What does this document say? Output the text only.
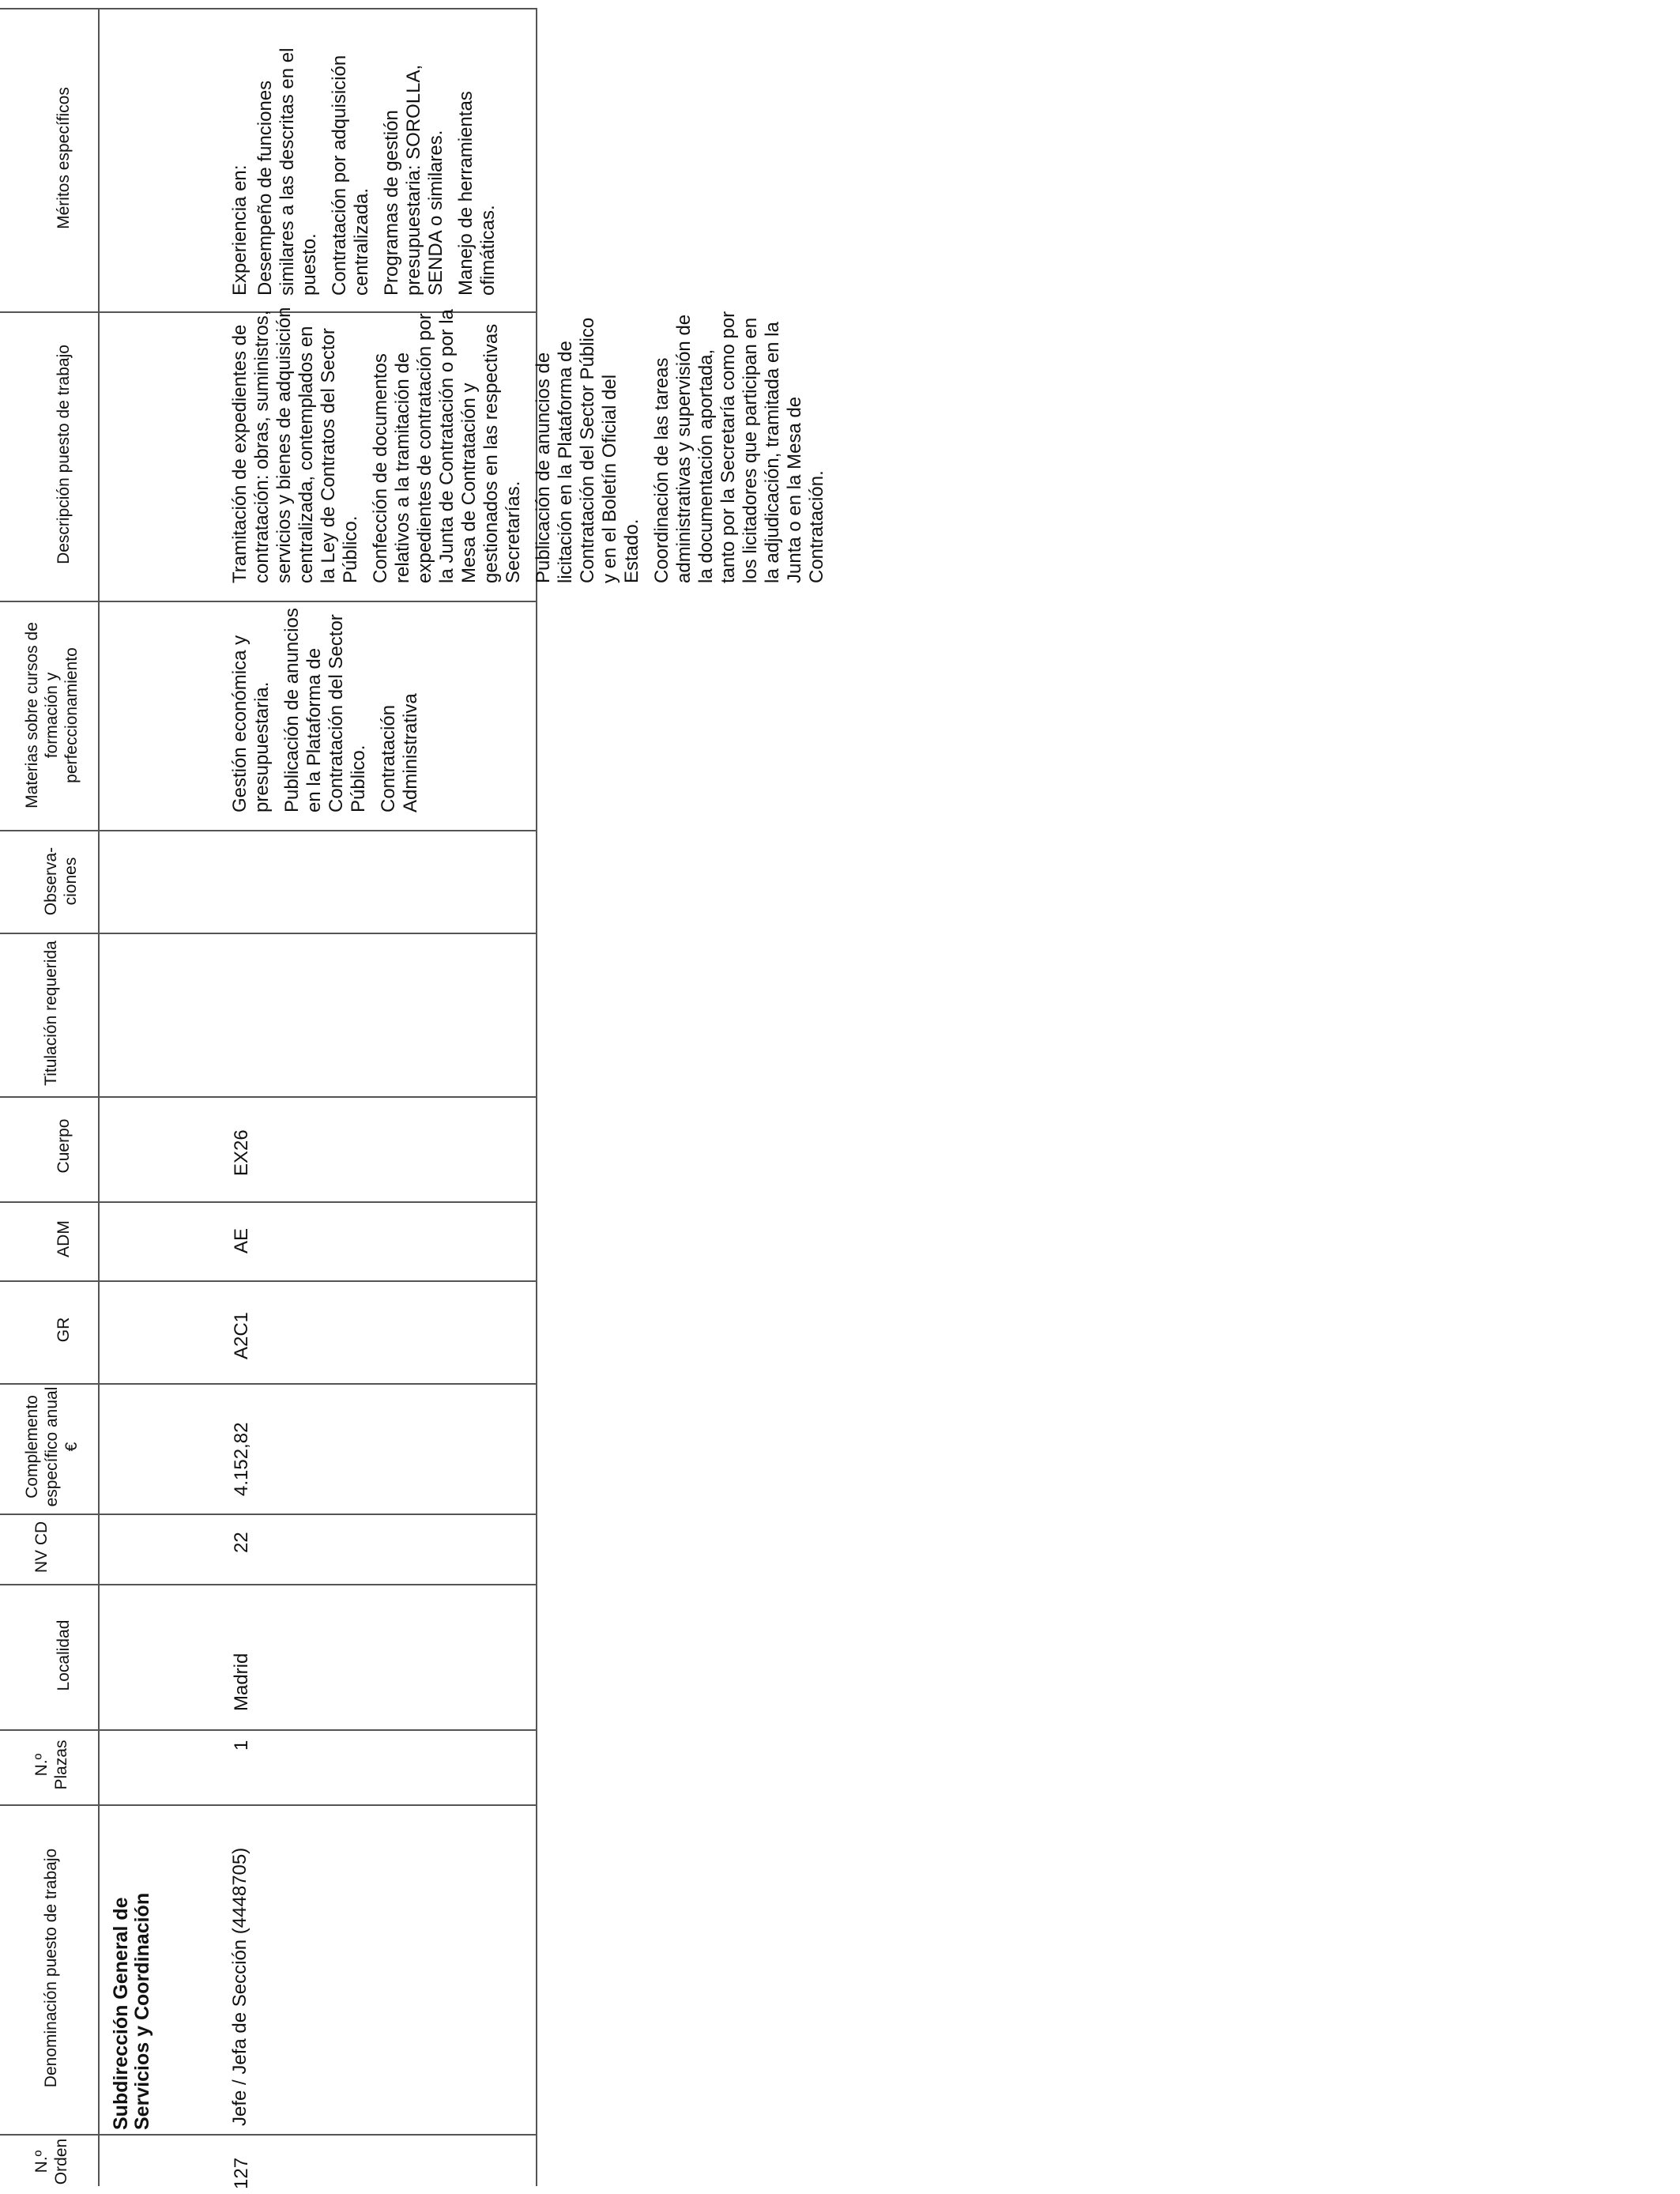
N.º Orden
Denominación puesto de trabajo
N.º Plazas
Localidad
NV CD
Complemento específico anual €
GR
ADM
Cuerpo
Titulación requerida
Observa- ciones
Materias sobre cursos de formación y perfeccionamiento
Descripción puesto de trabajo
Méritos específicos
Subdirección General de Servicios y Coordinación
127
Jefe / Jefa de Sección (4448705)
1
Madrid
22
4.152,82
A2C1
AE
EX26

Gestión económica y presupuestaria. Publicación de anuncios en la Plataforma de Contratación del Sector Público. Contratación Administrativa

Tramitación de expedientes de contratación: obras, suministros, servicios y bienes de adquisición centralizada, contemplados en la Ley de Contratos del Sector Público. Confección de documentos relativos a la tramitación de expedientes de contratación por la Junta de Contratación o por la Mesa de Contratación y gestionados en las respectivas Secretarías. Publicación de anuncios de licitación en la Plataforma de Contratación del Sector Público y en el Boletín Oficial del Estado. Coordinación de las tareas administrativas y supervisión de la documentación aportada, tanto por la Secretaría como por los licitadores que participan en la adjudicación, tramitada en la Junta o en la Mesa de Contratación.

Experiencia en: Desempeño de funciones similares a las descritas en el puesto. Contratación por adquisición centralizada. Programas de gestión presupuestaria: SOROLLA, SENDA o similares. Manejo de herramientas ofimáticas.
